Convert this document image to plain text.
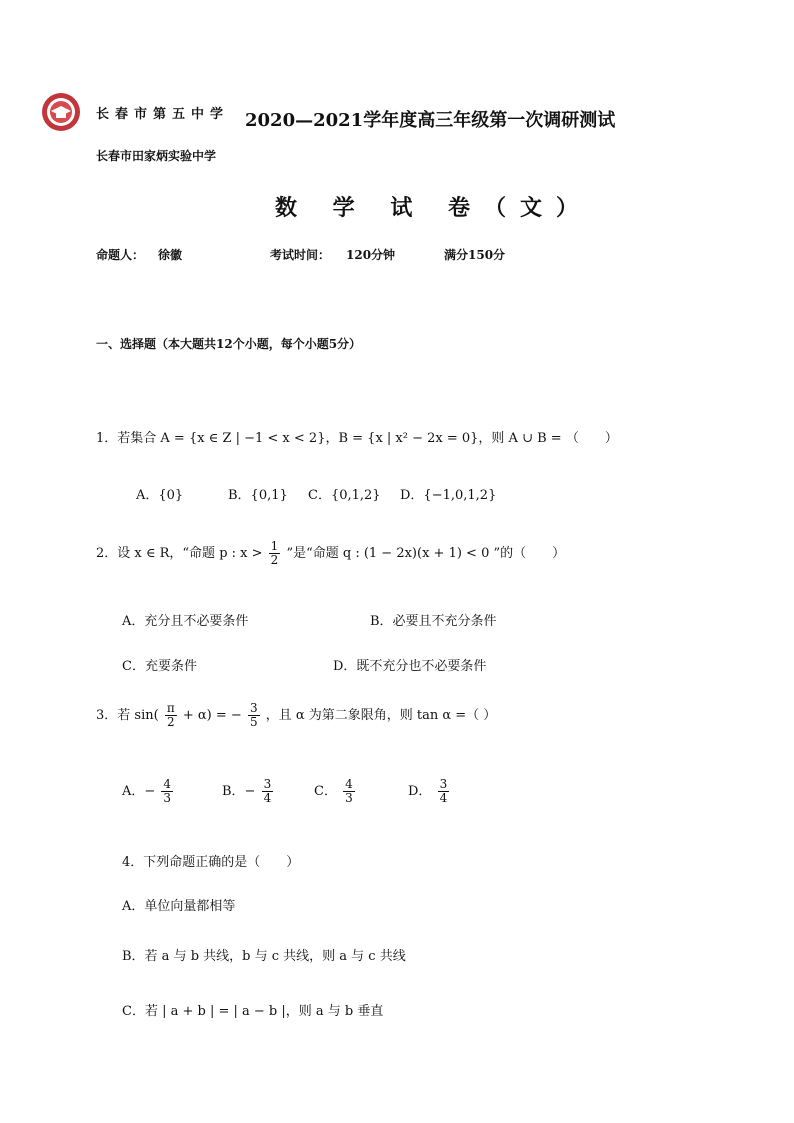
长春市第五中学 2020—2021学年度高三年级第一次调研测试
长春市田家炳实验中学
数 学 试 卷（文）
命题人： 徐徽	考试时间： 120分钟	满分150分
一、选择题（本大题共12个小题，每个小题5分）
1．若集合 A = {x ∈ Z | −1 < x < 2}，B = {x | x² − 2x = 0}，则 A ∪ B = （　　）
A．{0}	B．{0,1} C．{0,1,2} D．{−1,0,1,2}
2．设 x ∈ R，“命题 p : $x > \frac{1}{2}$ ”是“命题 q : (1 − 2x)(x + 1) < 0 ”的（　　）
A．充分且不必要条件	B．必要且不充分条件
C．充要条件	D．既不充分也不必要条件
3．若 $\sin( \frac{\pi}{2} + \alpha)$ = − $\frac{3}{5}$ ，且 α 为第二象限角，则 tan α =（ ）
A．− $\frac{4}{3}$	B．− $\frac{3}{4}$	C． $\frac{4}{3}$	D． $\frac{3}{4}$
4．下列命题正确的是（　　）
A．单位向量都相等
B．若 a 与 b 共线，b 与 c 共线，则 a 与 c 共线
C．若 | a + b | = | a − b |，则 a 与 b 垂直
